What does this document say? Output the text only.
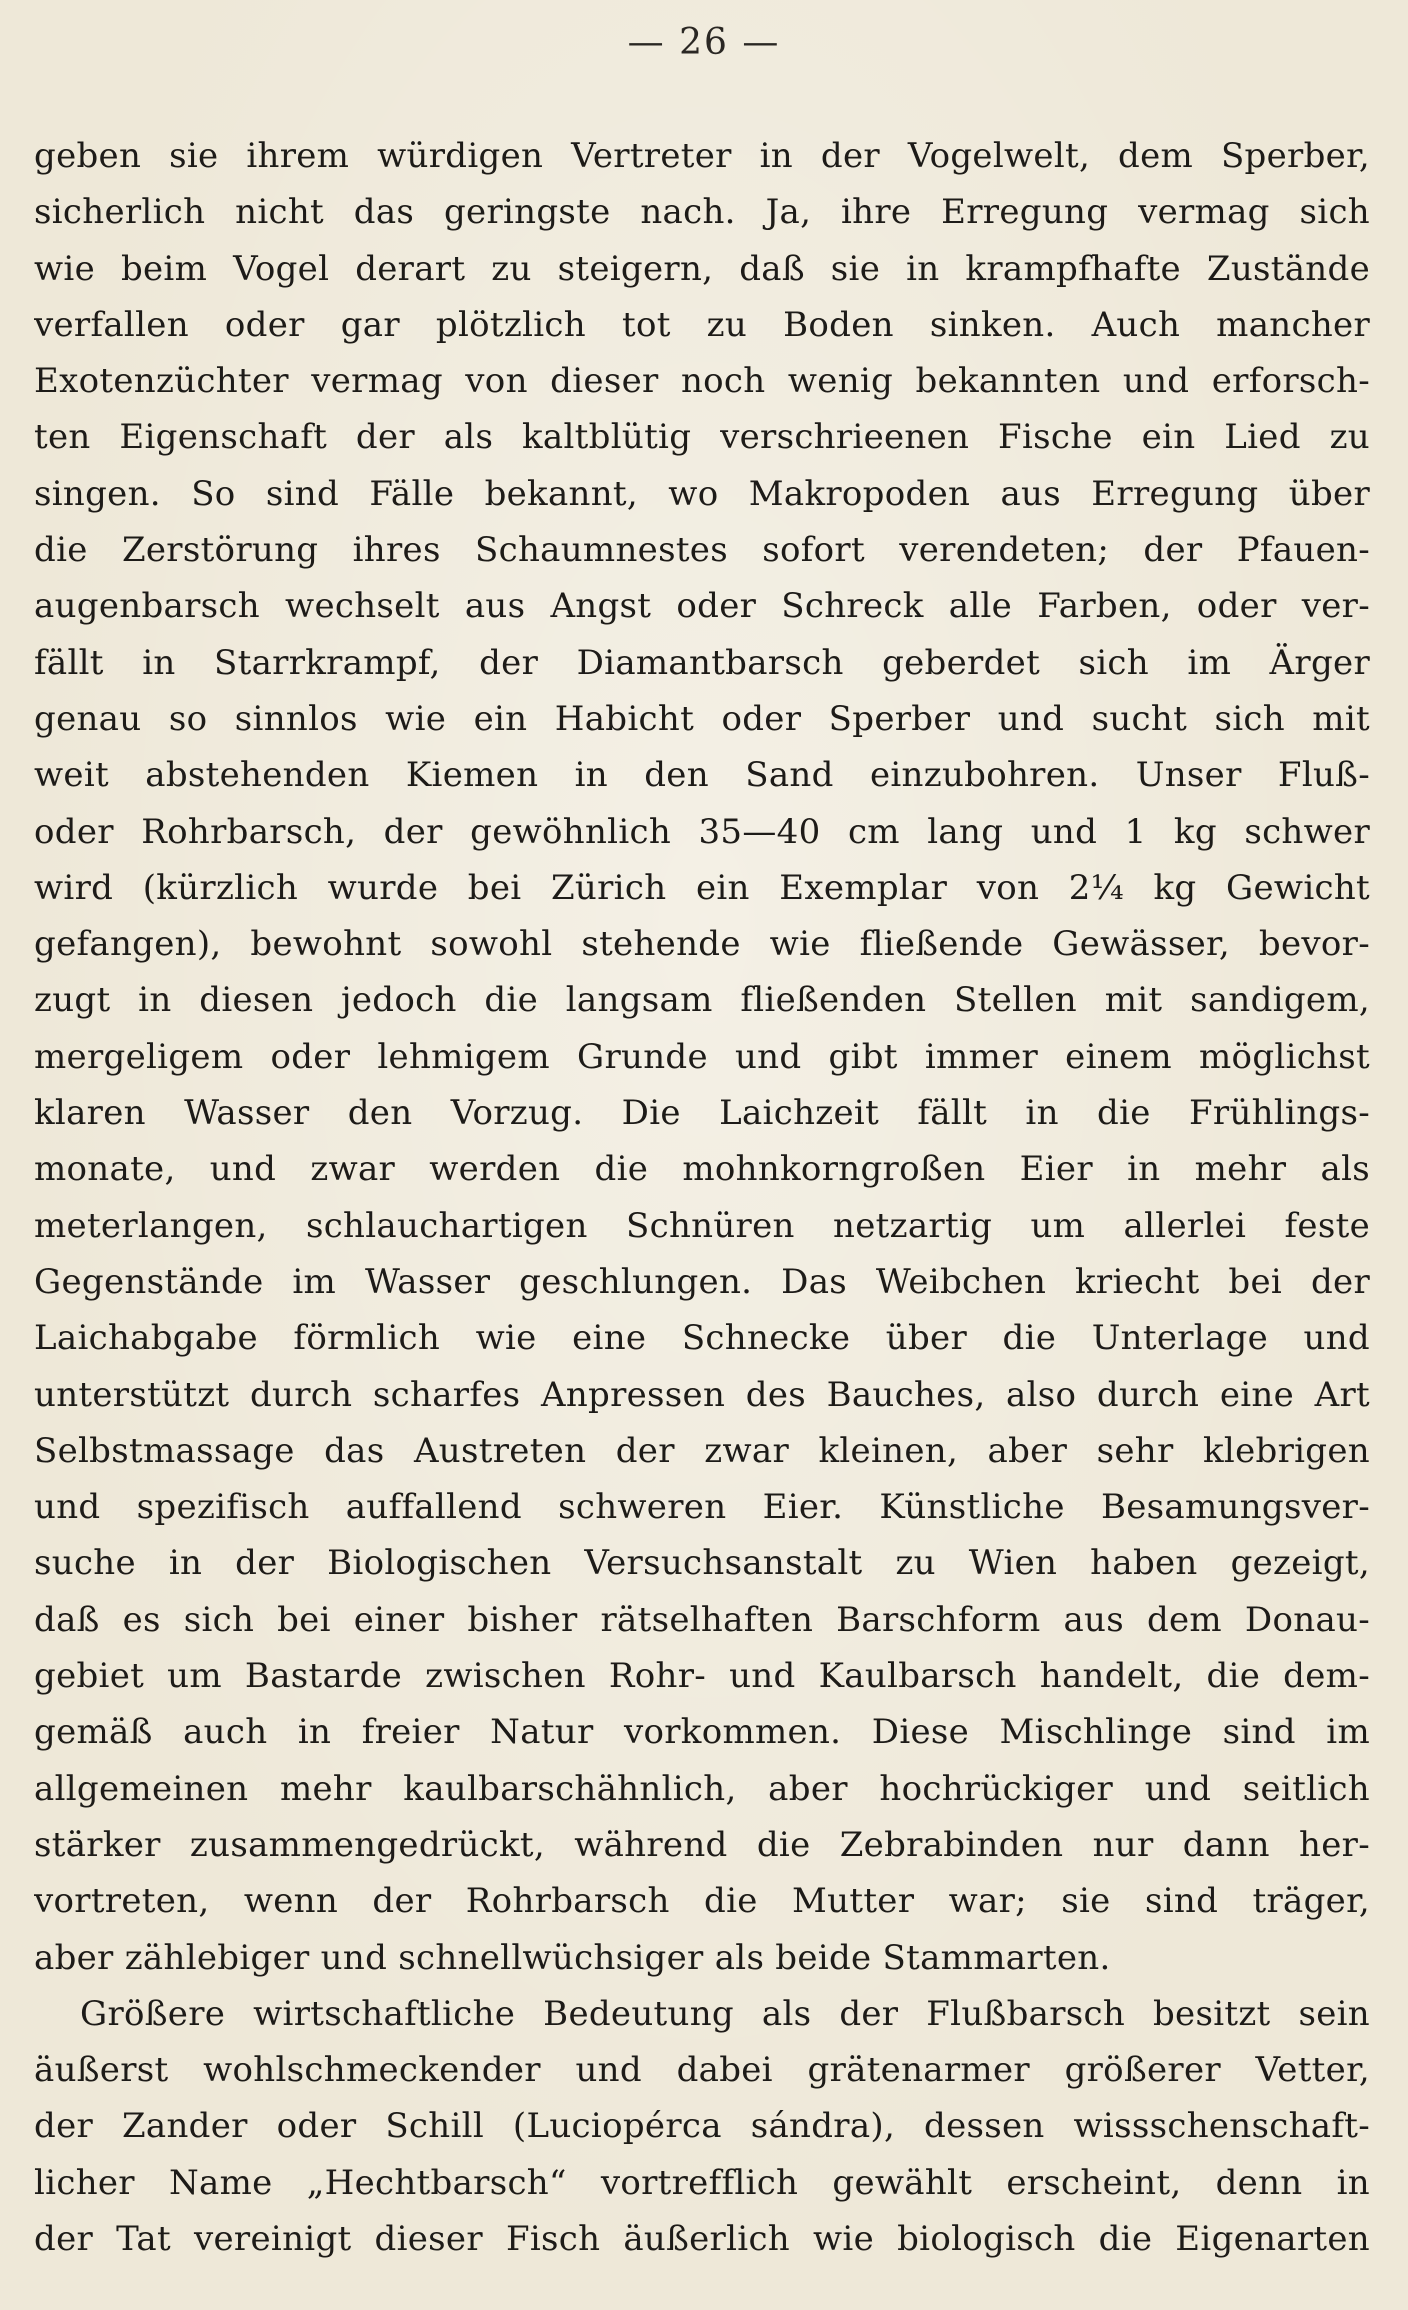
— 26 —
geben sie ihrem würdigen Vertreter in der Vogelwelt, dem Sperber,
sicherlich nicht das geringste nach. Ja, ihre Erregung vermag sich
wie beim Vogel derart zu steigern, daß sie in krampfhafte Zustände
verfallen oder gar plötzlich tot zu Boden sinken. Auch mancher
Exotenzüchter vermag von dieser noch wenig bekannten und erforsch-
ten Eigenschaft der als kaltblütig verschrieenen Fische ein Lied zu
singen. So sind Fälle bekannt, wo Makropoden aus Erregung über
die Zerstörung ihres Schaumnestes sofort verendeten; der Pfauen-
augenbarsch wechselt aus Angst oder Schreck alle Farben, oder ver-
fällt in Starrkrampf, der Diamantbarsch geberdet sich im Ärger
genau so sinnlos wie ein Habicht oder Sperber und sucht sich mit
weit abstehenden Kiemen in den Sand einzubohren. Unser Fluß-
oder Rohrbarsch, der gewöhnlich 35—40 cm lang und 1 kg schwer
wird (kürzlich wurde bei Zürich ein Exemplar von 2¼ kg Gewicht
gefangen), bewohnt sowohl stehende wie fließende Gewässer, bevor-
zugt in diesen jedoch die langsam fließenden Stellen mit sandigem,
mergeligem oder lehmigem Grunde und gibt immer einem möglichst
klaren Wasser den Vorzug. Die Laichzeit fällt in die Frühlings-
monate, und zwar werden die mohnkorngroßen Eier in mehr als
meterlangen, schlauchartigen Schnüren netzartig um allerlei feste
Gegenstände im Wasser geschlungen. Das Weibchen kriecht bei der
Laichabgabe förmlich wie eine Schnecke über die Unterlage und
unterstützt durch scharfes Anpressen des Bauches, also durch eine Art
Selbstmassage das Austreten der zwar kleinen, aber sehr klebrigen
und spezifisch auffallend schweren Eier. Künstliche Besamungsver-
suche in der Biologischen Versuchsanstalt zu Wien haben gezeigt,
daß es sich bei einer bisher rätselhaften Barschform aus dem Donau-
gebiet um Bastarde zwischen Rohr- und Kaulbarsch handelt, die dem-
gemäß auch in freier Natur vorkommen. Diese Mischlinge sind im
allgemeinen mehr kaulbarschähnlich, aber hochrückiger und seitlich
stärker zusammengedrückt, während die Zebrabinden nur dann her-
vortreten, wenn der Rohrbarsch die Mutter war; sie sind träger,
aber zählebiger und schnellwüchsiger als beide Stammarten.
Größere wirtschaftliche Bedeutung als der Flußbarsch besitzt sein
äußerst wohlschmeckender und dabei grätenarmer größerer Vetter,
der Zander oder Schill (Luciopérca sándra), dessen wissschenschaft-
licher Name „Hechtbarsch“ vortrefflich gewählt erscheint, denn in
der Tat vereinigt dieser Fisch äußerlich wie biologisch die Eigenarten
